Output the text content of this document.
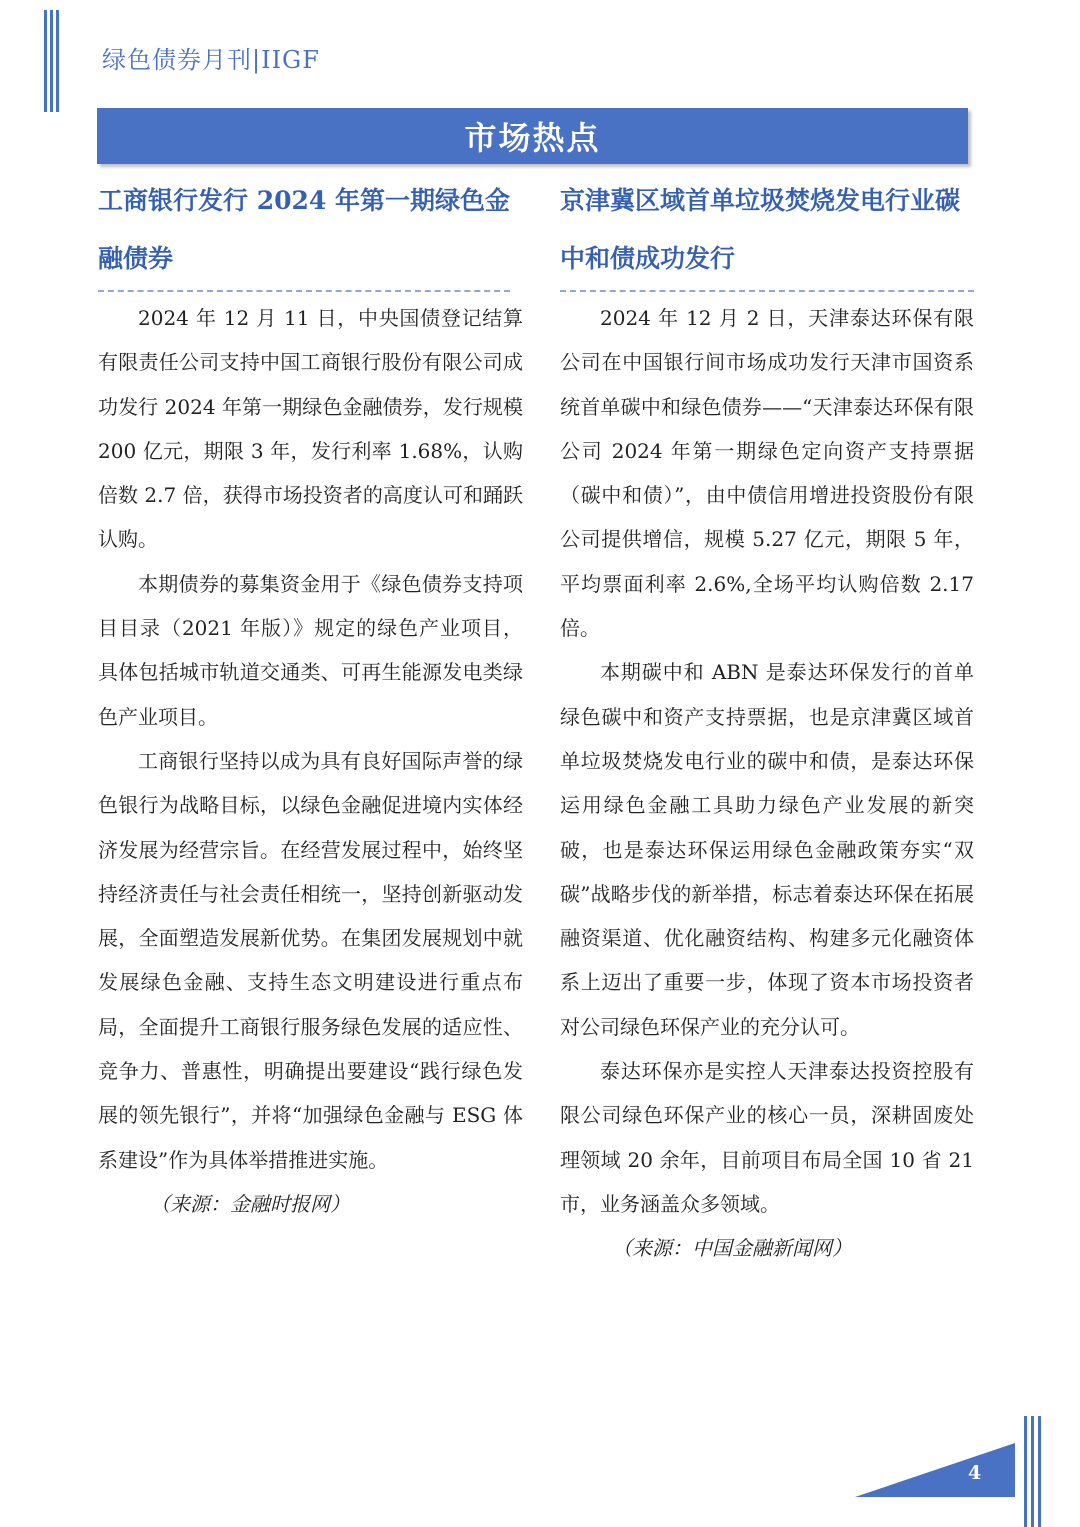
绿色债券月刊|IIGF
市场热点
工商银行发行 2024 年第一期绿色金融债券

2024 年 12 月 11 日，中央国债登记结算有限责任公司支持中国工商银行股份有限公司成功发行 2024 年第一期绿色金融债券，发行规模 200 亿元，期限 3 年，发行利率 1.68%，认购倍数 2.7 倍，获得市场投资者的高度认可和踊跃认购。

本期债券的募集资金用于《绿色债券支持项目目录（2021 年版）》规定的绿色产业项目，具体包括城市轨道交通类、可再生能源发电类绿色产业项目。

工商银行坚持以成为具有良好国际声誉的绿色银行为战略目标，以绿色金融促进境内实体经济发展为经营宗旨。在经营发展过程中，始终坚持经济责任与社会责任相统一，坚持创新驱动发展，全面塑造发展新优势。在集团发展规划中就发展绿色金融、支持生态文明建设进行重点布局，全面提升工商银行服务绿色发展的适应性、竞争力、普惠性，明确提出要建设“践行绿色发展的领先银行”，并将“加强绿色金融与 ESG 体系建设”作为具体举措推进实施。

（来源：金融时报网）

京津冀区域首单垃圾焚烧发电行业碳中和债成功发行

2024 年 12 月 2 日，天津泰达环保有限公司在中国银行间市场成功发行天津市国资系统首单碳中和绿色债券——“天津泰达环保有限公司 2024 年第一期绿色定向资产支持票据（碳中和债）”，由中债信用增进投资股份有限公司提供增信，规模 5.27 亿元，期限 5 年，平均票面利率 2.6%,全场平均认购倍数 2.17 倍。

本期碳中和 ABN 是泰达环保发行的首单绿色碳中和资产支持票据，也是京津冀区域首单垃圾焚烧发电行业的碳中和债，是泰达环保运用绿色金融工具助力绿色产业发展的新突破，也是泰达环保运用绿色金融政策夯实“双碳”战略步伐的新举措，标志着泰达环保在拓展融资渠道、优化融资结构、构建多元化融资体系上迈出了重要一步，体现了资本市场投资者对公司绿色环保产业的充分认可。

泰达环保亦是实控人天津泰达投资控股有限公司绿色环保产业的核心一员，深耕固废处理领域 20 余年，目前项目布局全国 10 省 21 市，业务涵盖众多领域。

（来源：中国金融新闻网）

4
